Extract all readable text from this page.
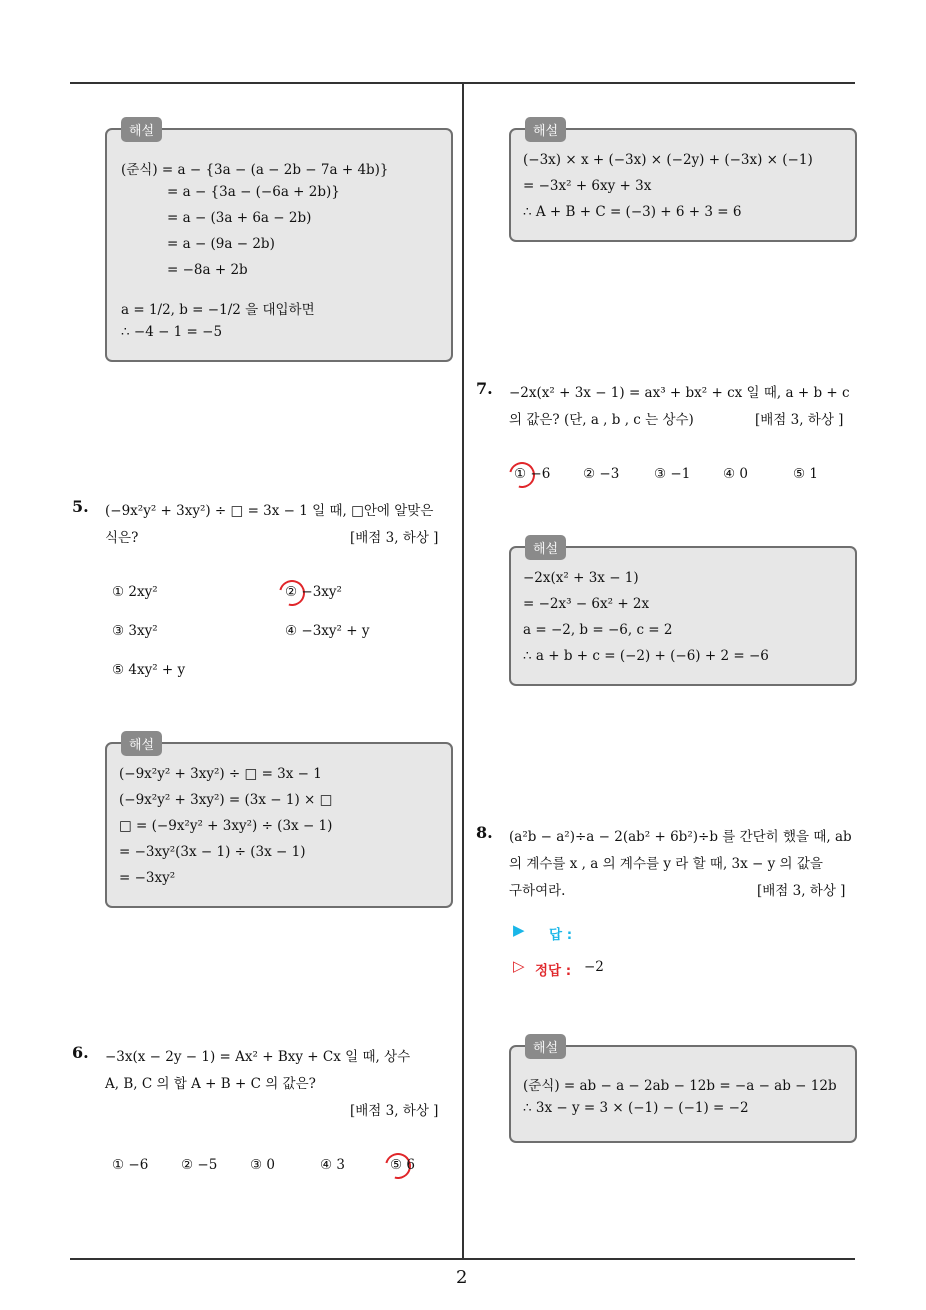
해설
(준식) = a − {3a − (a − 2b − 7a + 4b)}
= a − {3a − (−6a + 2b)}
= a − (3a + 6a − 2b)
= a − (9a − 2b)
= −8a + 2b
a = 1/2, b = −1/2 을 대입하면
∴ −4 − 1 = −5
해설
(−3x) × x + (−3x) × (−2y) + (−3x) × (−1)
= −3x² + 6xy + 3x
∴ A + B + C = (−3) + 6 + 3 = 6
5. (−9x²y² + 3xy²) ÷ □ = 3x − 1 일 때, □안에 알맞은
식은?	[배점 3, 하상 ]
① 2xy²	② −3xy²
③ 3xy²	④ −3xy² + y
⑤ 4xy² + y
해설
(−9x²y² + 3xy²) ÷ □ = 3x − 1
(−9x²y² + 3xy²) = (3x − 1) × □
□ = (−9x²y² + 3xy²) ÷ (3x − 1)
= −3xy²(3x − 1) ÷ (3x − 1)
= −3xy²
6. −3x(x − 2y − 1) = Ax² + Bxy + Cx 일 때, 상수
A, B, C 의 합 A + B + C 의 값은?
[배점 3, 하상 ]
① −6 ② −5 ③ 0	④ 3	⑤ 6
7. −2x(x² + 3x − 1) = ax³ + bx² + cx 일 때, a + b + c
의 값은? (단, a , b , c 는 상수)	[배점 3, 하상 ]
① −6 ② −3	③ −1 ④ 0	⑤ 1
해설
−2x(x² + 3x − 1)
= −2x³ − 6x² + 2x
a = −2, b = −6, c = 2
∴ a + b + c = (−2) + (−6) + 2 = −6
8. (a²b − a²)÷a − 2(ab² + 6b²)÷b 를 간단히 했을 때, ab
의 계수를 x , a 의 계수를 y 라 할 때, 3x − y 의 값을
구하여라.	[배점 3, 하상 ]
▶ 답 :
▷ 정답 : −2
해설
(준식) = ab − a − 2ab − 12b = −a − ab − 12b
∴ 3x − y = 3 × (−1) − (−1) = −2
2
